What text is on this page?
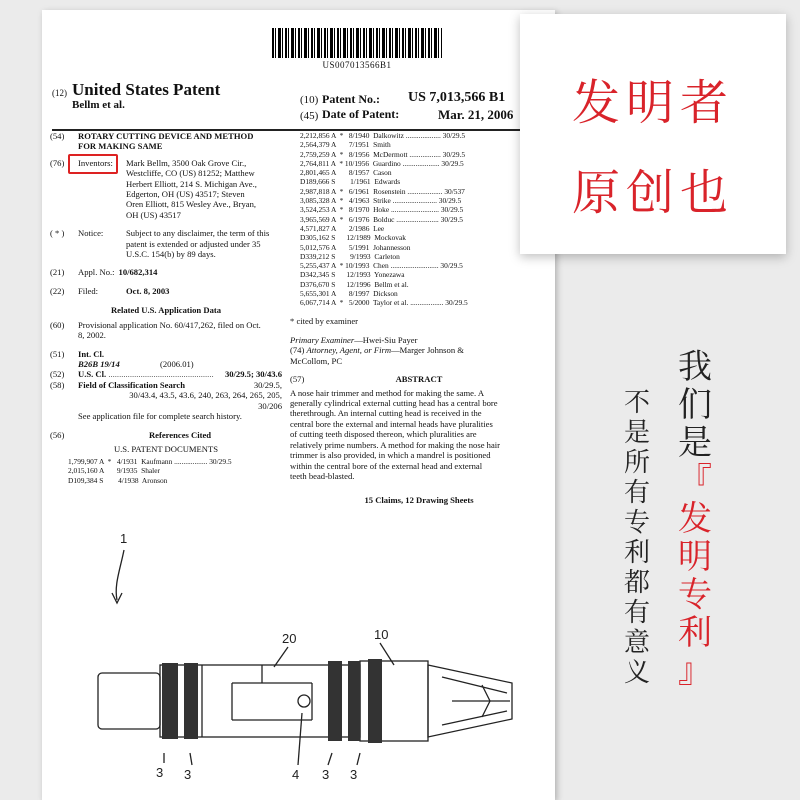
US007013566B1
(12) United States Patent
Bellm et al.	(10) Patent No.: US 7,013,566 B1
(45) Date of Patent:	Mar. 21, 2006
(54)	ROTARY CUTTING DEVICE AND METHOD
FOR MAKING SAME
(76)	Inventors:	Mark Bellm, 3500 Oak Grove Cir.,
Westcliffe, CO (US) 81252; Matthew
Herbert Elliott, 214 S. Michigan Ave.,
Edgerton, OH (US) 43517; Steven
Oren Elliott, 815 Wesley Ave., Bryan,
OH (US) 43517
( * )	Notice:	Subject to any disclaimer, the term of this
patent is extended or adjusted under 35
U.S.C. 154(b) by 89 days.
(21)	Appl. No.: 10/682,314
(22)	Filed:	Oct. 8, 2003
Related U.S. Application Data
(60)	Provisional application No. 60/417,262, filed on Oct.
8, 2002.
(51)	Int. Cl.
B26B 19/14	(2006.01)
(52)	U.S. Cl. .................................................	30/29.5; 30/43.6
(58)	Field of Classification Search	30/29.5,
30/43.4, 43.5, 43.6, 240, 263, 264, 265, 205,
30/206
See application file for complete search history.
(56)	References Cited
U.S. PATENT DOCUMENTS
1,799,907 A  *   4/1931  Kaufmann .................. 30/29.5
2,015,160 A       9/1935  Shaler
D109,384 S        4/1938  Aronson
2,212,856 A  *   8/1940  Dalkowitz ................... 30/29.5
2,564,379 A       7/1951  Smith
2,759,259 A  *   8/1956  McDermott ................. 30/29.5
2,764,811 A  * 10/1956  Guardino .................... 30/29.5
2,801,465 A       8/1957  Cason
D189,666 S        1/1961  Edwards
2,987,818 A  *   6/1961  Rosenstein ................... 30/537
3,085,328 A  *   4/1963  Strike ........................ 30/29.5
3,524,253 A  *   8/1970  Hoke .......................... 30/29.5
3,965,569 A  *   6/1976  Bolduc ....................... 30/29.5
4,571,827 A       2/1986  Lee
D305,162 S      12/1989  Mockovak
5,012,576 A       5/1991  Johannesson
D339,212 S        9/1993  Carleton
5,255,437 A  * 10/1993  Chen .......................... 30/29.5
D342,345 S      12/1993  Yonezawa
D376,670 S      12/1996  Bellm et al.
5,655,301 A       8/1997  Dickson
6,067,714 A  *   5/2000  Taylor et al. .................. 30/29.5
* cited by examiner
Primary Examiner—Hwei-Siu Payer
(74) Attorney, Agent, or Firm—Marger Johnson &
McCollom, PC
(57)	ABSTRACT
A nose hair trimmer and method for making the same. A
generally cylindrical external cutting head has a central bore
therethrough. An internal cutting head is received in the
central bore the external and internal heads have pluralities
of cutting teeth disposed thereon, which pluralities are
relatively prime numbers. A method for making the nose hair
trimmer is also provided, in which a mandrel is positioned
within the central bore of the external head and external
teeth bead-blasted.
15 Claims, 12 Drawing Sheets
1
20	10
3 3	4 3 3
发明者
原创也
不
是
所
有
专
利
都
有
意
义
我
们
是
『
发
明
专
利
』
